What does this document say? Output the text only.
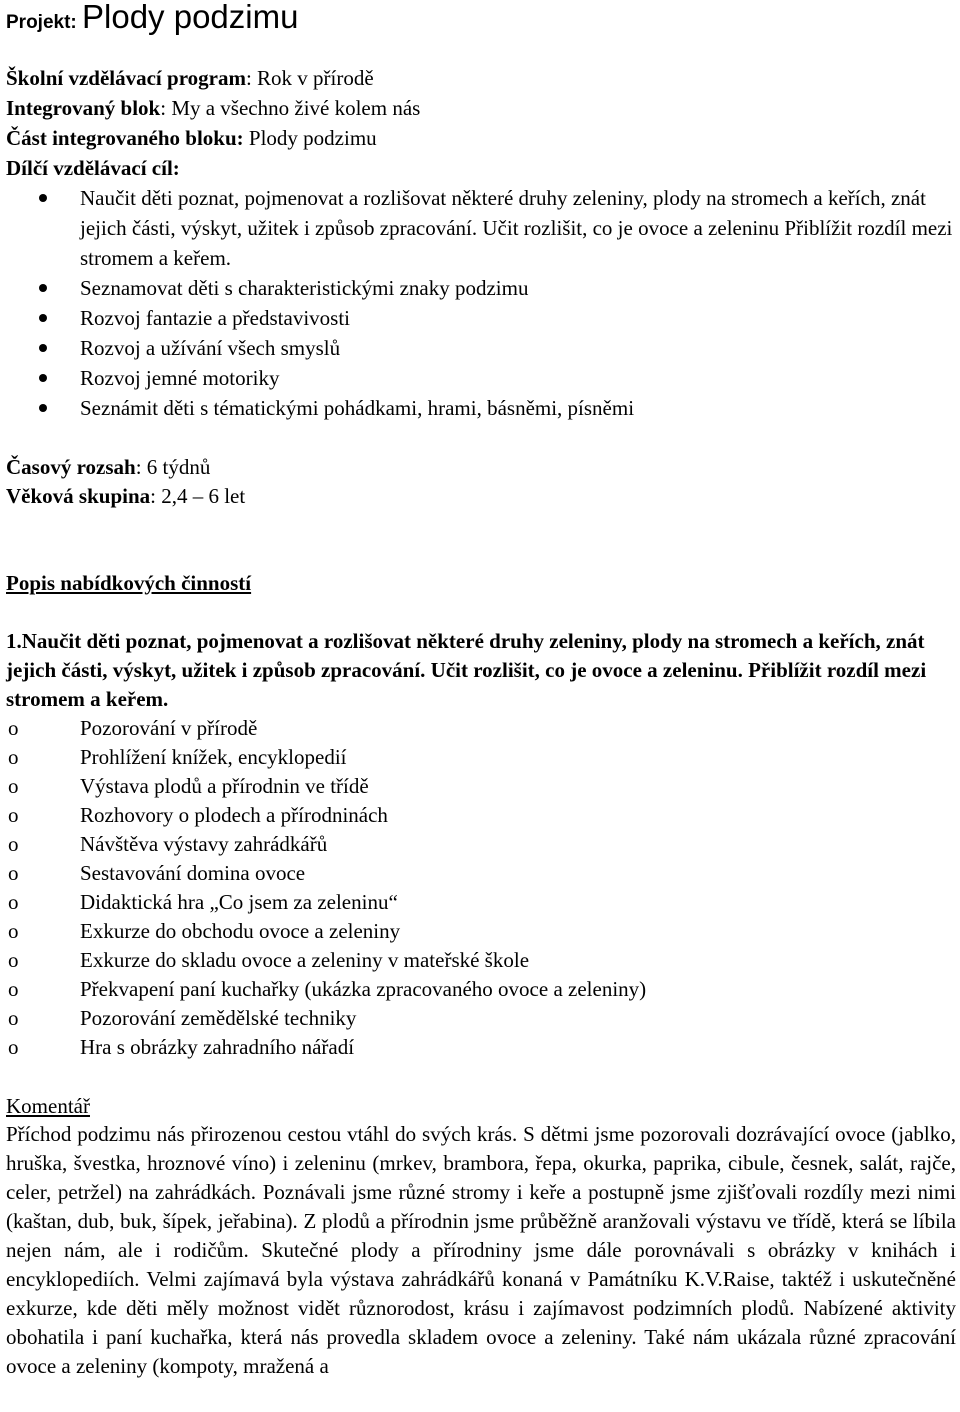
Projekt: Plody podzimu
Školní vzdělávací program: Rok v přírodě
Integrovaný blok: My a všechno živé kolem nás
Část integrovaného bloku: Plody podzimu
Dílčí vzdělávací cíl:
Naučit děti poznat, pojmenovat a rozlišovat některé druhy zeleniny, plody na stromech a keřích, znát jejich části, výskyt, užitek i způsob zpracování. Učit rozlišit, co je ovoce a zeleninu Přiblížit rozdíl mezi stromem a keřem.
Seznamovat děti s charakteristickými znaky podzimu
Rozvoj fantazie a představivosti
Rozvoj a užívání všech smyslů
Rozvoj jemné motoriky
Seznámit děti s tématickými pohádkami, hrami, básněmi, písněmi
Časový rozsah: 6 týdnů
Věková skupina: 2,4 – 6 let
Popis nabídkových činností
1.Naučit děti poznat, pojmenovat a rozlišovat některé druhy zeleniny, plody na stromech a keřích, znát jejich části, výskyt, užitek i způsob zpracování. Učit rozlišit, co je ovoce a zeleninu. Přiblížit rozdíl mezi stromem a keřem.
o	Pozorování v přírodě
o	Prohlížení knížek, encyklopedií
o	Výstava plodů a přírodnin ve třídě
o	Rozhovory o plodech a přírodninách
o	Návštěva výstavy zahrádkářů
o	Sestavování domina ovoce
o	Didaktická hra „Co jsem za zeleninu“
o	Exkurze do obchodu ovoce a zeleniny
o	Exkurze do skladu ovoce a zeleniny v mateřské škole
o	Překvapení paní kuchařky (ukázka zpracovaného ovoce a zeleniny)
o	Pozorování zemědělské techniky
o	Hra s obrázky zahradního nářadí
Komentář
Příchod podzimu nás přirozenou cestou vtáhl do svých krás. S dětmi jsme pozorovali dozrávající ovoce (jablko, hruška, švestka, hroznové víno) i zeleninu (mrkev, brambora, řepa, okurka, paprika, cibule, česnek, salát, rajče, celer, petržel) na zahrádkách. Poznávali jsme různé stromy i keře a postupně jsme zjišťovali rozdíly mezi nimi (kaštan, dub, buk, šípek, jeřabina). Z plodů a přírodnin jsme průběžně aranžovali výstavu ve třídě, která se líbila nejen nám, ale i rodičům. Skutečné plody a přírodniny jsme dále porovnávali s obrázky v knihách i encyklopediích. Velmi zajímavá byla výstava zahrádkářů konaná v Památníku K.V.Raise, taktéž i uskutečněné exkurze, kde děti měly možnost vidět různorodost, krásu i zajímavost podzimních plodů. Nabízené aktivity obohatila i paní kuchařka, která nás provedla skladem ovoce a zeleniny. Také nám ukázala různé zpracování ovoce a zeleniny (kompoty, mražená a
